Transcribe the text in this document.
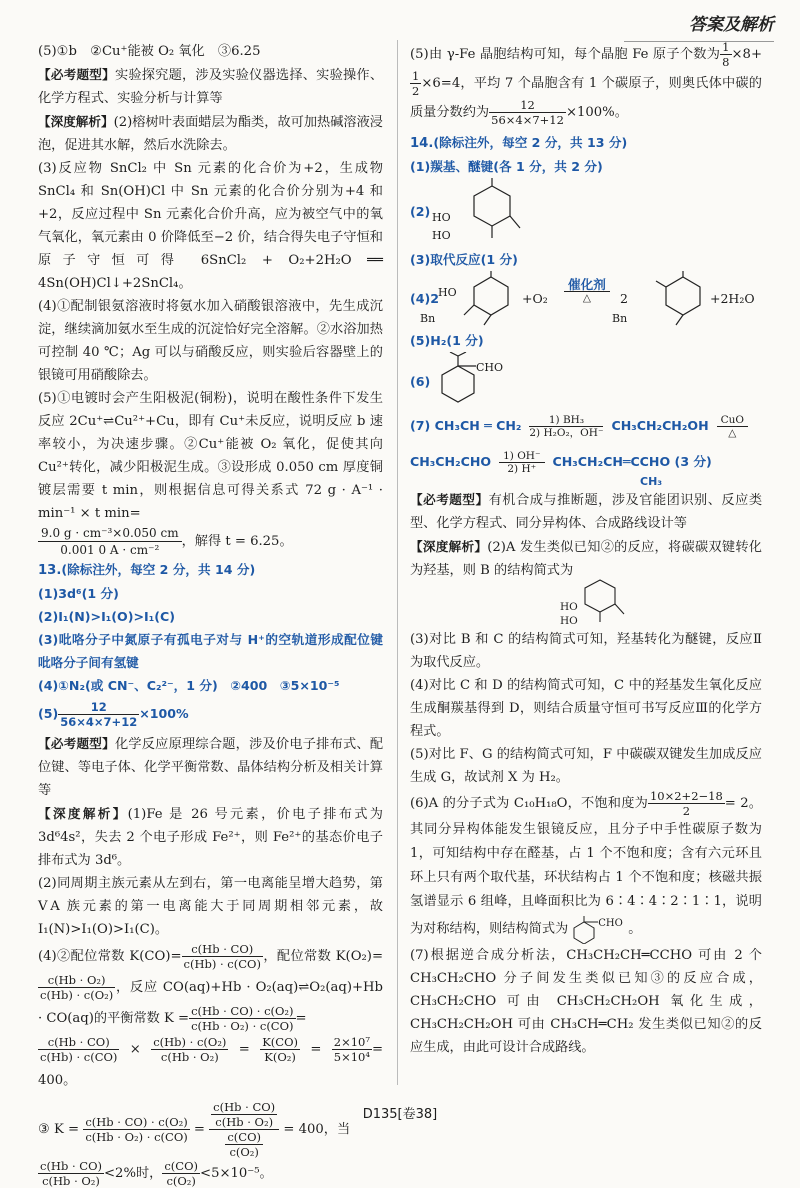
答案及解析

(5)①b　②Cu⁺能被 O₂ 氧化　③6.25

【必考题型】实验探究题，涉及实验仪器选择、实验操作、化学方程式、实验分析与计算等

【深度解析】(2)榕树叶表面蜡层为酯类，故可加热碱溶液浸泡，促进其水解，然后水洗除去。

(3)反应物 SnCl₂ 中 Sn 元素的化合价为+2，生成物 SnCl₄ 和 Sn(OH)Cl 中 Sn 元素的化合价分别为+4 和+2，反应过程中 Sn 元素化合价升高，应为被空气中的氧气氧化，氧元素由 0 价降低至−2 价，结合得失电子守恒和原子守恒可得 6SnCl₂ + O₂+2H₂O ══ 4Sn(OH)Cl↓+2SnCl₄。

(4)①配制银氨溶液时将氨水加入硝酸银溶液中，先生成沉淀，继续滴加氨水至生成的沉淀恰好完全溶解。②水浴加热可控制 40 ℃；Ag 可以与硝酸反应，则实验后容器壁上的银镜可用硝酸除去。

(5)①电镀时会产生阳极泥(铜粉)，说明在酸性条件下发生反应 2Cu⁺⇌Cu²⁺+Cu，即有 Cu⁺未反应，说明反应 b 速率较小，为决速步骤。②Cu⁺能被 O₂ 氧化，促使其向 Cu²⁺转化，减少阳极泥生成。③设形成 0.050 cm 厚度铜镀层需要 t min，则根据信息可得关系式 72 g · A⁻¹ · min⁻¹ × t min=

$\frac{\text{9.0 g · cm⁻³×0.050 cm}}{\text{0.001 0 A · cm⁻²}}$ ，解得 t = 6.25。

13.(除标注外，每空 2 分，共 14 分)

(1)3d⁶(1 分)

(2)I₁(N)>I₁(O)>I₁(C)

(3)吡咯分子中氮原子有孤电子对与 H⁺的空轨道形成配位键　吡咯分子间有氢键

(4)①N₂(或 CN⁻、C₂²⁻，1 分)　②400　③5×10⁻⁵

$(5) \frac{12}{56\times 4\times 7+12} \times 100\%$

【必考题型】化学反应原理综合题，涉及价电子排布式、配位键、等电子体、化学平衡常数、晶体结构分析及相关计算等

【深度解析】(1)Fe 是 26 号元素，价电子排布式为 3d⁶4s²，失去 2 个电子形成 Fe²⁺，则 Fe²⁺的基态价电子排布式为 3d⁶。

(2)同周期主族元素从左到右，第一电离能呈增大趋势，第ⅤA 族元素的第一电离能大于同周期相邻元素，故 I₁(N)>I₁(O)>I₁(C)。

(4)②配位常数 $K(CO)= \frac{c(Hb \cdot CO)}{c(Hb) \cdot c(CO)}$ ，配位常数 K(O₂)=
$\frac{\text{c(Hb · O₂)}}{\text{c(Hb) · c(O₂)}}$ ，反应 CO(aq)+Hb · O₂(aq)⇌O₂(aq)+Hb · CO(aq)的平衡常数 $K = \frac{\text{c(Hb · CO) · c(O₂)}}{\text{c(Hb · O₂) · c(CO)}}$ =

$\frac{c(Hb \cdot CO)}{c(Hb) \cdot c(CO)} \times \frac{\text{c(Hb) · c(O₂)}}{\text{c(Hb · O₂)}} = \frac{K(CO)}{\text{K(O₂)}} = \frac{\text{2×10⁷}}{\text{5×10⁴}} = 400$。

③ $K = \frac{\text{c(Hb · CO) · c(O₂)}}{\text{c(Hb · O₂) · c(CO)}} = \frac{\frac{c(Hb \cdot CO)}{\text{c(Hb · O₂)}}}{\frac{c(CO)}{\text{c(O₂)}}} = 400$，当

$\frac{c(Hb \cdot CO)}{\text{c(Hb · O₂)}} <2\%$时， $\frac{c(CO)}{\text{c(O₂)}} <5\times 10^{-5}$。

(5)由 γ-Fe 晶胞结构可知，每个晶胞 Fe 原子个数为 $\frac{1}{8} \times 8+$
$\frac{1}{2} \times 6=4$，平均 7 个晶胞含有 1 个碳原子，则奥氏体中碳的质量分数约为 $\frac{12}{56\times 4\times 7+12} \times 100\%$。

14.(除标注外，每空 2 分，共 13 分)

(1)羰基、醚键(各 1 分，共 2 分)

(2) HO
HO

(3)取代反应(1 分)

(4)2
HO
Bn
+O₂
催化剂
△	2
Bn
+2H₂O

(5)H₂(1 分)

(6)
CHO
(7) CH₃CH ═ $CH_2 \frac{\text{1) BH₃}}{\text{2) H₂O₂，OH⁻}} CH_3CH_2CH_2OH$	CuO
△
$CH_3CH_2CHO \frac{1) OH^-}{2) H^+}$ CH₃CH₂CH═CCHO (3 分)
CH₃

【必考题型】有机合成与推断题，涉及官能团识别、反应类型、化学方程式、同分异构体、合成路线设计等

【深度解析】(2)A 发生类似已知②的反应，将碳碳双键转化为羟基，则 B 的结构简式为

HO
HO

(3)对比 B 和 C 的结构简式可知，羟基转化为醚键，反应Ⅱ为取代反应。

(4)对比 C 和 D 的结构简式可知，C 中的羟基发生氧化反应生成酮羰基得到 D，则结合质量守恒可书写反应Ⅲ的化学方程式。

(5)对比 F、G 的结构简式可知，F 中碳碳双键发生加成反应生成 G，故试剂 X 为 H₂。

(6)A 的分子式为 C₁₀H₁₈O，不饱和度为 $\frac{10\times 2+2-18}{2} = 2$。其同分异构体能发生银镜反应，且分子中手性碳原子数为 1，可知结构中存在醛基，占 1 个不饱和度；含有六元环且环上只有两个取代基，环状结构占 1 个不饱和度；核磁共振氢谱显示 6 组峰，且峰面积比为 6∶4∶4∶2∶1∶1，说明为对称结构，则结构简式为	CHO 。

(7)根据逆合成分析法，CH₃CH₂CH═CCHO 可由 2 个 CH₃CH₂CHO 分子间发生类似已知③的反应合成，CH₃CH₂CHO 可由 CH₃CH₂CH₂OH 氧化生成，CH₃CH₂CH₂OH 可由 CH₃CH═CH₂ 发生类似已知②的反应生成，由此可设计合成路线。

D135[卷38]
